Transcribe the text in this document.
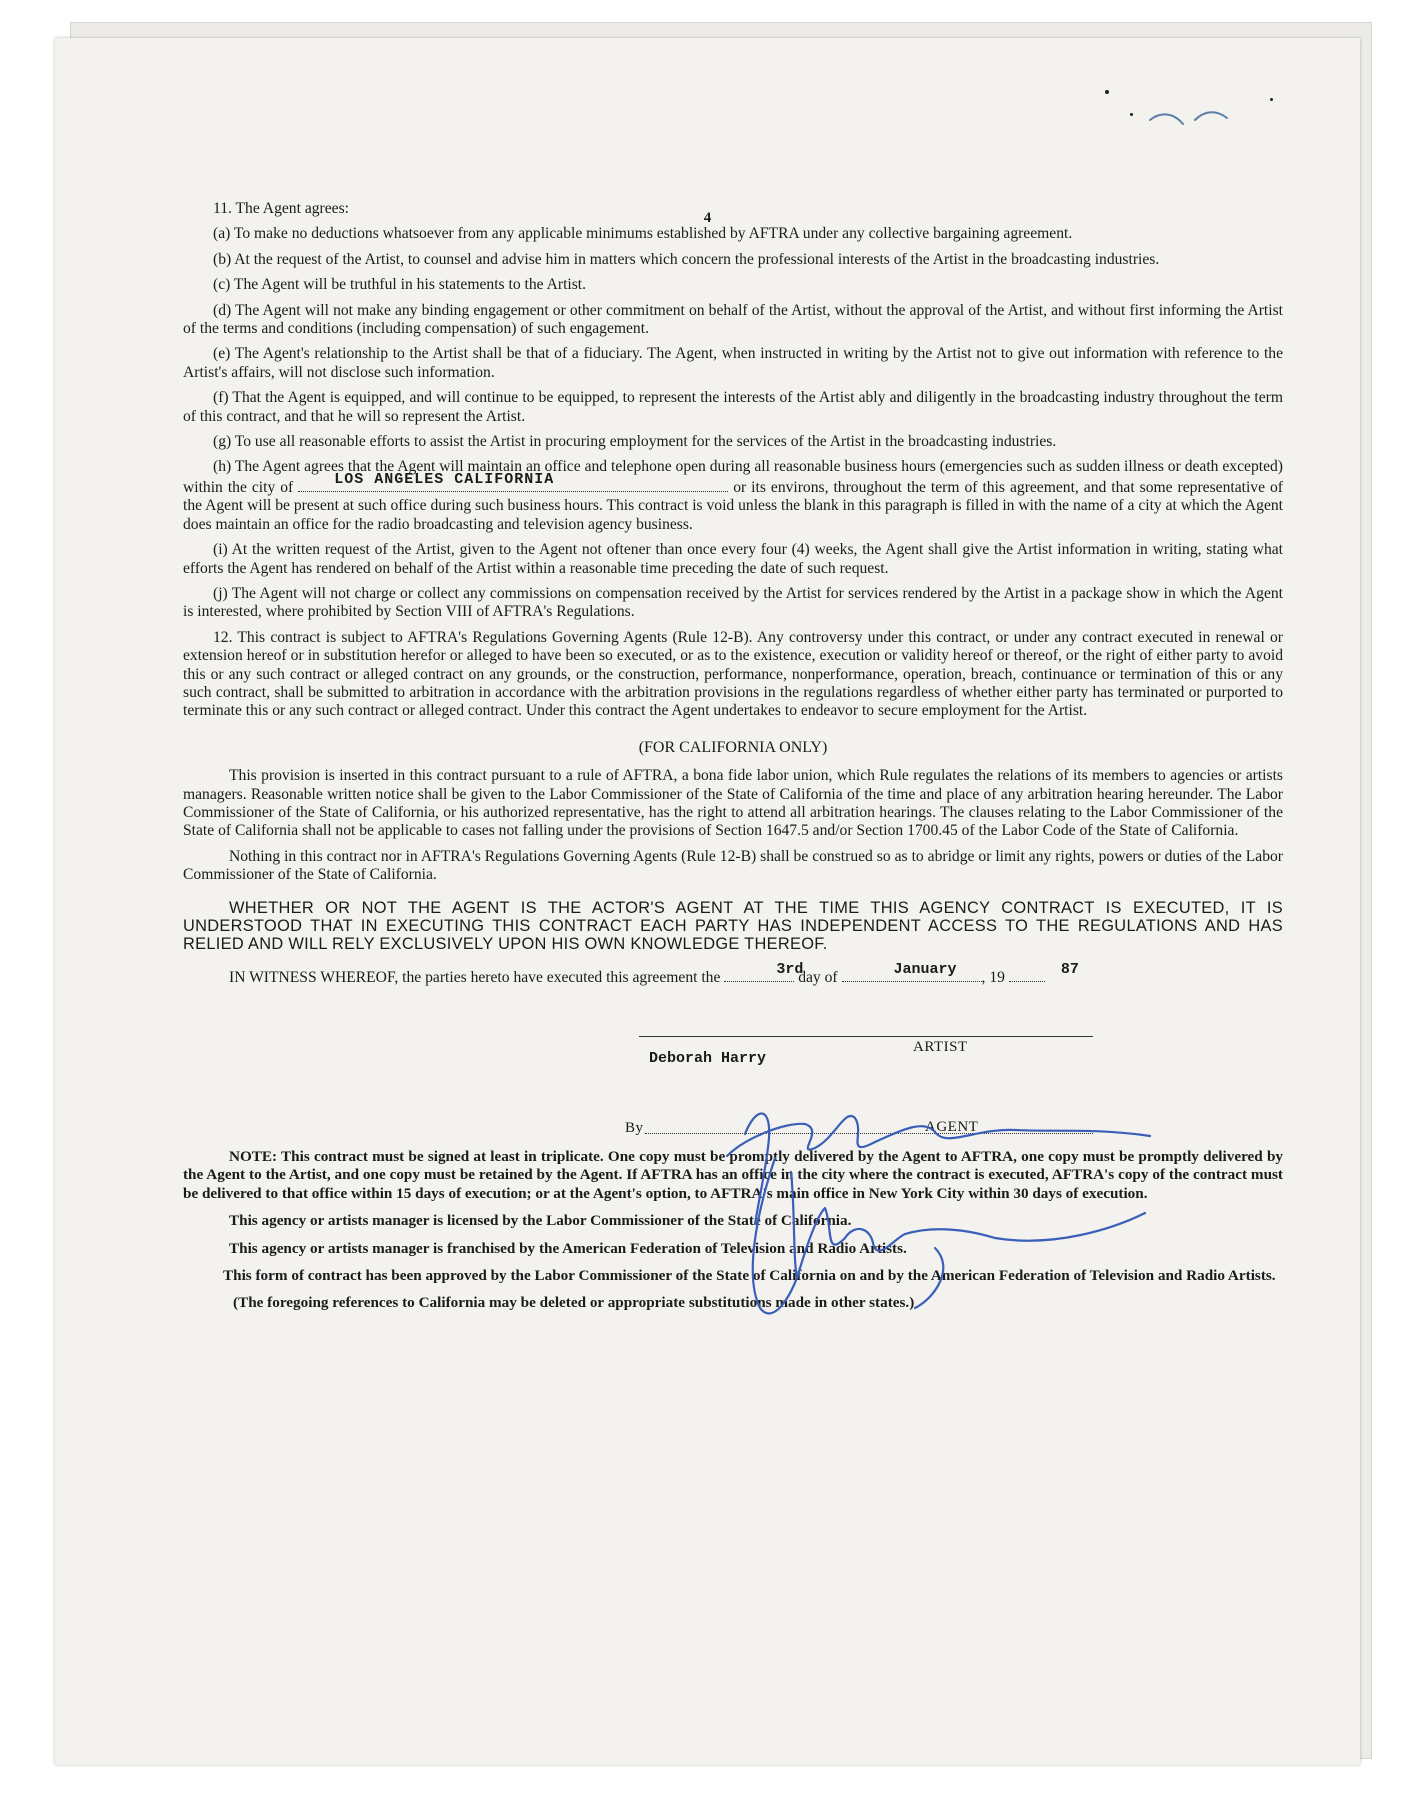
4

11. The Agent agrees:

(a) To make no deductions whatsoever from any applicable minimums established by AFTRA under any collective bargaining agreement.

(b) At the request of the Artist, to counsel and advise him in matters which concern the professional interests of the Artist in the broadcasting industries.

(c) The Agent will be truthful in his statements to the Artist.

(d) The Agent will not make any binding engagement or other commitment on behalf of the Artist, without the approval of the Artist, and without first informing the Artist of the terms and conditions (including compensation) of such engagement.

(e) The Agent's relationship to the Artist shall be that of a fiduciary. The Agent, when instructed in writing by the Artist not to give out information with reference to the Artist's affairs, will not disclose such information.

(f) That the Agent is equipped, and will continue to be equipped, to represent the interests of the Artist ably and diligently in the broadcasting industry throughout the term of this contract, and that he will so represent the Artist.

(g) To use all reasonable efforts to assist the Artist in procuring employment for the services of the Artist in the broadcasting industries.

(h) The Agent agrees that the Agent will maintain an office and telephone open during all reasonable business hours (emergencies such as sudden illness or death excepted) within the city of	LOS ANGELES CALIFORNIA	or its environs, throughout the term of this agreement, and that some representative of the Agent will be present at such office during such business hours. This contract is void unless the blank in this paragraph is filled in with the name of a city at which the Agent does maintain an office for the radio broadcasting and television agency business.

(i) At the written request of the Artist, given to the Agent not oftener than once every four (4) weeks, the Agent shall give the Artist information in writing, stating what efforts the Agent has rendered on behalf of the Artist within a reasonable time preceding the date of such request.

(j) The Agent will not charge or collect any commissions on compensation received by the Artist for services rendered by the Artist in a package show in which the Agent is interested, where prohibited by Section VIII of AFTRA's Regulations.

12. This contract is subject to AFTRA's Regulations Governing Agents (Rule 12-B). Any controversy under this contract, or under any contract executed in renewal or extension hereof or in substitution herefor or alleged to have been so executed, or as to the existence, execution or validity hereof or thereof, or the right of either party to avoid this or any such contract or alleged contract on any grounds, or the construction, performance, nonperformance, operation, breach, continuance or termination of this or any such contract, shall be submitted to arbitration in accordance with the arbitration provisions in the regulations regardless of whether either party has terminated or purported to terminate this or any such contract or alleged contract. Under this contract the Agent undertakes to endeavor to secure employment for the Artist.

(FOR CALIFORNIA ONLY)

This provision is inserted in this contract pursuant to a rule of AFTRA, a bona fide labor union, which Rule regulates the relations of its members to agencies or artists managers. Reasonable written notice shall be given to the Labor Commissioner of the State of California of the time and place of any arbitration hearing hereunder. The Labor Commissioner of the State of California, or his authorized representative, has the right to attend all arbitration hearings. The clauses relating to the Labor Commissioner of the State of California shall not be applicable to cases not falling under the provisions of Section 1647.5 and/or Section 1700.45 of the Labor Code of the State of California.

Nothing in this contract nor in AFTRA's Regulations Governing Agents (Rule 12-B) shall be construed so as to abridge or limit any rights, powers or duties of the Labor Commissioner of the State of California.

WHETHER OR NOT THE AGENT IS THE ACTOR'S AGENT AT THE TIME THIS AGENCY CONTRACT IS EXECUTED, IT IS UNDERSTOOD THAT IN EXECUTING THIS CONTRACT EACH PARTY HAS INDEPENDENT ACCESS TO THE REGULATIONS AND HAS RELIED AND WILL RELY EXCLUSIVELY UPON HIS OWN KNOWLEDGE THEREOF.

IN WITNESS WHEREOF, the parties hereto have executed this agreement the	3rd
day of	January , 19	87

ARTIST
Deborah Harry
By	AGENT

NOTE: This contract must be signed at least in triplicate. One copy must be promptly delivered by the Agent to AFTRA, one copy must be promptly delivered by the Agent to the Artist, and one copy must be retained by the Agent. If AFTRA has an office in the city where the contract is executed, AFTRA's copy of the contract must be delivered to that office within 15 days of execution; or at the Agent's option, to AFTRA's main office in New York City within 30 days of execution.

This agency or artists manager is licensed by the Labor Commissioner of the State of California.

This agency or artists manager is franchised by the American Federation of Television and Radio Artists.

This form of contract has been approved by the Labor Commissioner of the State of California on and by the American Federation of Television and Radio Artists.

(The foregoing references to California may be deleted or appropriate substitutions made in other states.)
